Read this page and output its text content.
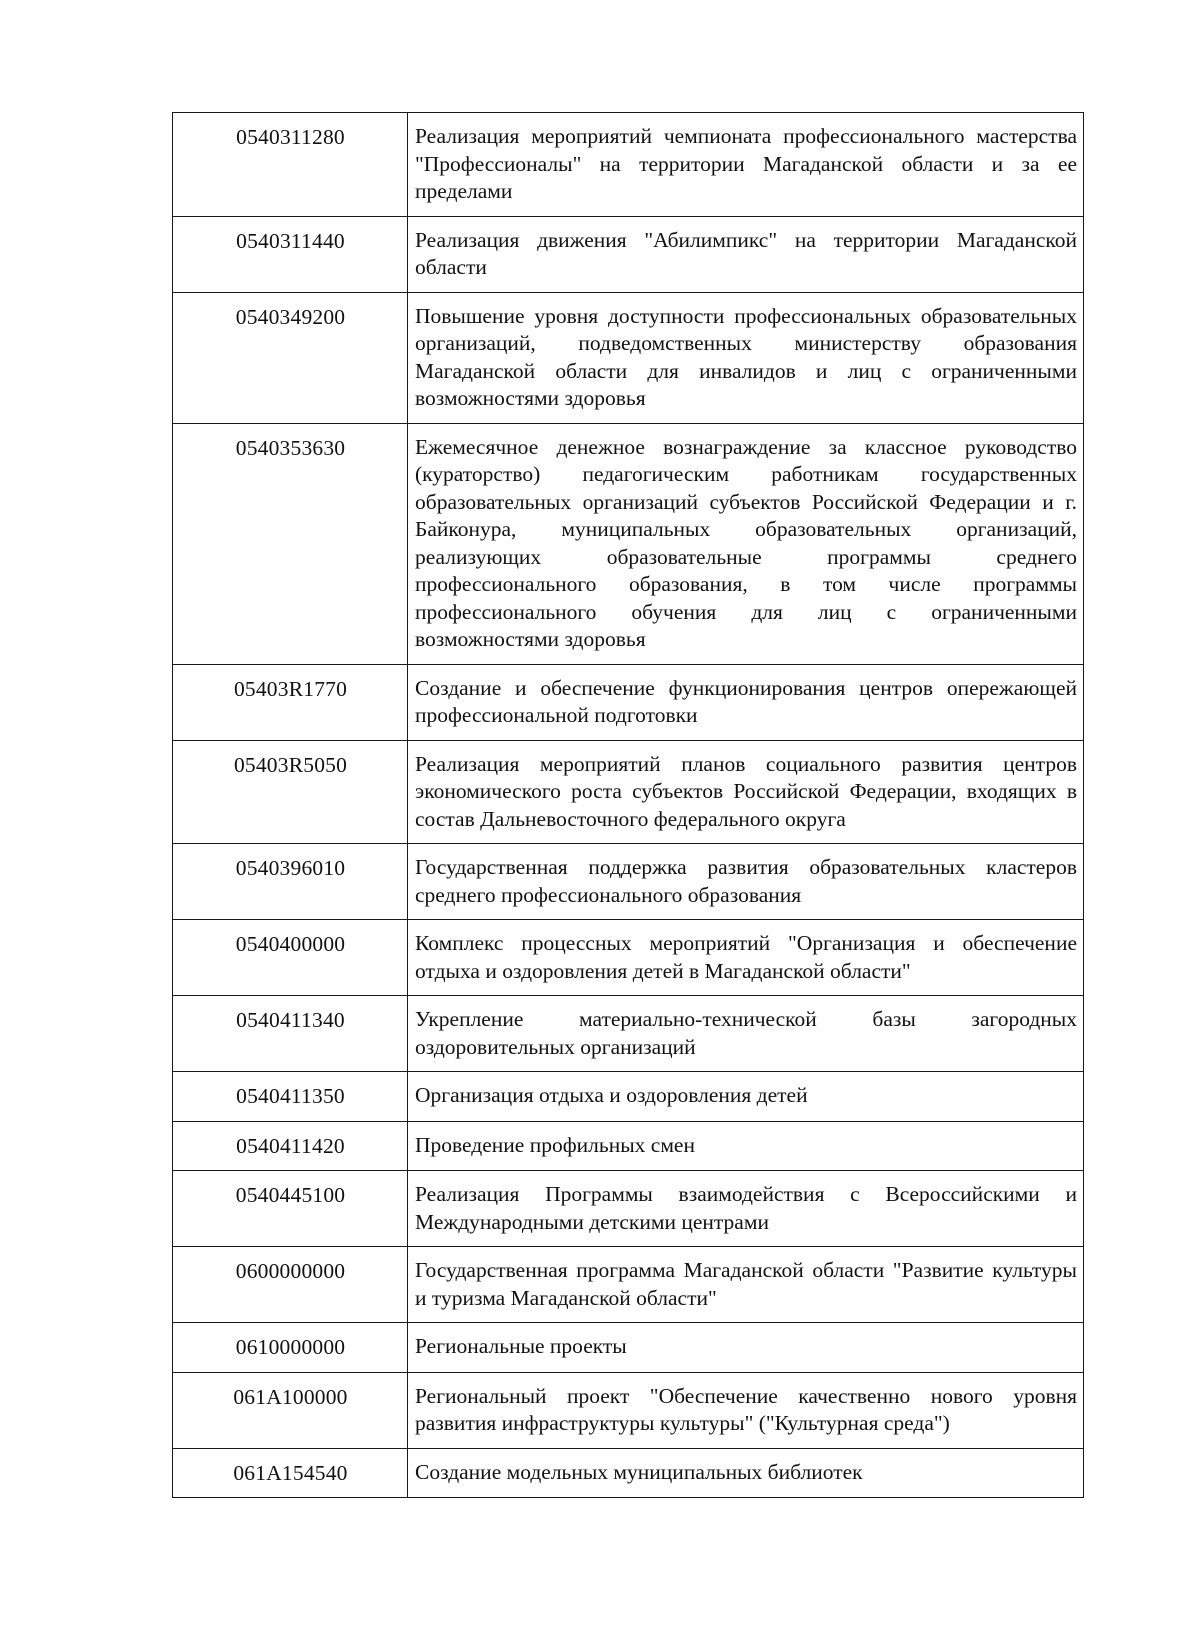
0540311280	Реализация мероприятий чемпионата профессионального мастерства "Профессионалы" на территории Магаданской области и за ее пределами
0540311440	Реализация движения "Абилимпикс" на территории Магаданской области
0540349200	Повышение уровня доступности профессиональных образовательных организаций, подведомственных министерству образования Магаданской области для инвалидов и лиц с ограниченными возможностями здоровья
0540353630	Ежемесячное денежное вознаграждение за классное руководство (кураторство) педагогическим работникам государственных образовательных организаций субъектов Российской Федерации и г. Байконура, муниципальных образовательных организаций, реализующих образовательные программы среднего профессионального образования, в том числе программы профессионального обучения для лиц с ограниченными возможностями здоровья
05403R1770	Создание и обеспечение функционирования центров опережающей профессиональной подготовки
05403R5050	Реализация мероприятий планов социального развития центров экономического роста субъектов Российской Федерации, входящих в состав Дальневосточного федерального округа
0540396010	Государственная поддержка развития образовательных кластеров среднего профессионального образования
0540400000	Комплекс процессных мероприятий "Организация и обеспечение отдыха и оздоровления детей в Магаданской области"
0540411340	Укрепление материально-технической базы загородных оздоровительных организаций
0540411350	Организация отдыха и оздоровления детей
0540411420	Проведение профильных смен
0540445100	Реализация Программы взаимодействия с Всероссийскими и Международными детскими центрами
0600000000	Государственная программа Магаданской области "Развитие культуры и туризма Магаданской области"
0610000000	Региональные проекты
061A100000	Региональный проект "Обеспечение качественно нового уровня развития инфраструктуры культуры" ("Культурная среда")
061A154540	Создание модельных муниципальных библиотек
